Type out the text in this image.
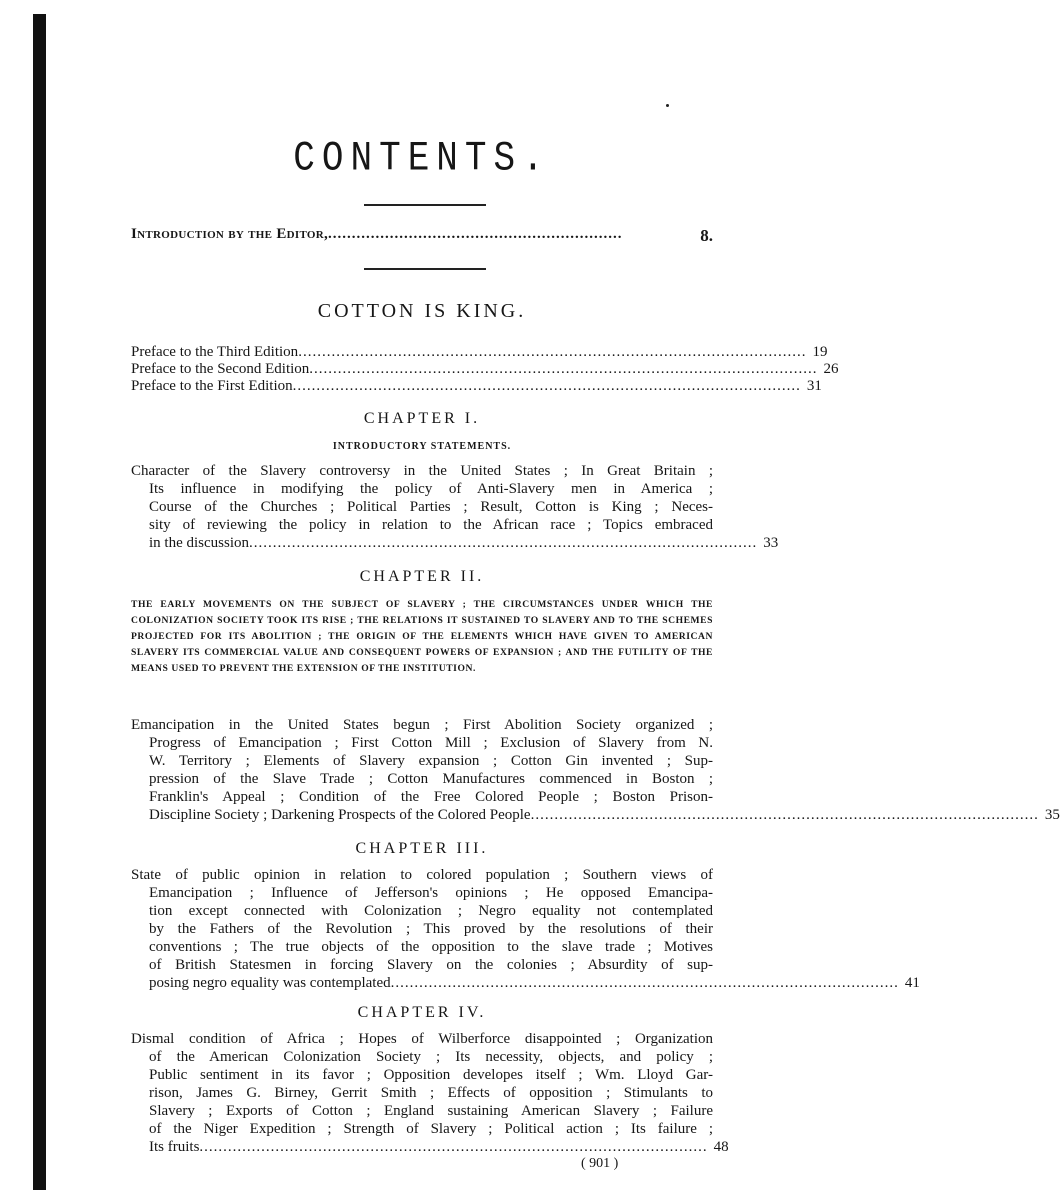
CONTENTS.
Introduction by the Editor, ..............................................................	8.
COTTON IS KING.
Preface to the Third Edition ........................................................................................................... 19
Preface to the Second Edition ........................................................................................................... 26
Preface to the First Edition ........................................................................................................... 31
CHAPTER I.
INTRODUCTORY STATEMENTS.
Character of the Slavery controversy in the United States ; In Great Britain ;
Its influence in modifying the policy of Anti-Slavery men in America ;
Course of the Churches ; Political Parties ; Result, Cotton is King ; Neces-
sity of reviewing the policy in relation to the African race ; Topics embraced
in the discussion ........................................................................................................... 33
CHAPTER II.
THE EARLY MOVEMENTS ON THE SUBJECT OF SLAVERY ; THE CIRCUMSTANCES UNDER WHICH THE COLONIZATION SOCIETY TOOK ITS RISE ; THE RELATIONS IT SUSTAINED TO SLAVERY AND TO THE SCHEMES PROJECTED FOR ITS ABOLITION ; THE ORIGIN OF THE ELEMENTS WHICH HAVE GIVEN TO AMERICAN SLAVERY ITS COMMERCIAL VALUE AND CONSEQUENT POWERS OF EXPANSION ; AND THE FUTILITY OF THE MEANS USED TO PREVENT THE EXTENSION OF THE INSTITUTION.
Emancipation in the United States begun ; First Abolition Society organized ;
Progress of Emancipation ; First Cotton Mill ; Exclusion of Slavery from N.
W. Territory ; Elements of Slavery expansion ; Cotton Gin invented ; Sup-
pression of the Slave Trade ; Cotton Manufactures commenced in Boston ;
Franklin's Appeal ; Condition of the Free Colored People ; Boston Prison-
Discipline Society ; Darkening Prospects of the Colored People ........................................................................................................... 35
CHAPTER III.
State of public opinion in relation to colored population ; Southern views of
Emancipation ; Influence of Jefferson's opinions ; He opposed Emancipa-
tion except connected with Colonization ; Negro equality not contemplated
by the Fathers of the Revolution ; This proved by the resolutions of their
conventions ; The true objects of the opposition to the slave trade ; Motives
of British Statesmen in forcing Slavery on the colonies ; Absurdity of sup-
posing negro equality was contemplated ........................................................................................................... 41
CHAPTER IV.
Dismal condition of Africa ; Hopes of Wilberforce disappointed ; Organization
of the American Colonization Society ; Its necessity, objects, and policy ;
Public sentiment in its favor ; Opposition developes itself ; Wm. Lloyd Gar-
rison, James G. Birney, Gerrit Smith ; Effects of opposition ; Stimulants to
Slavery ; Exports of Cotton ; England sustaining American Slavery ; Failure
of the Niger Expedition ; Strength of Slavery ; Political action ; Its failure ;
Its fruits ........................................................................................................... 48
( 901 )
